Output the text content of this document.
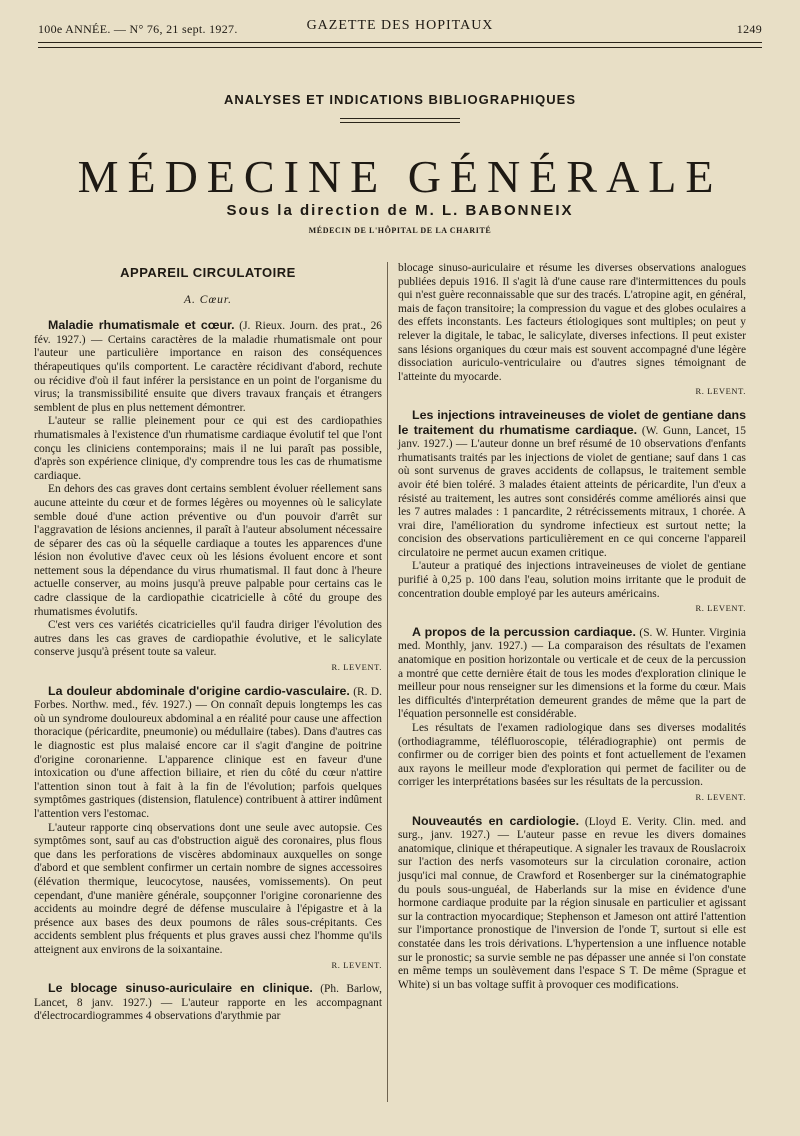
100e ANNÉE. — N° 76, 21 sept. 1927.	GAZETTE DES HOPITAUX	1249
ANALYSES ET INDICATIONS BIBLIOGRAPHIQUES
MÉDECINE GÉNÉRALE
Sous la direction de M. L. BABONNEIX
MÉDECIN DE L'HÔPITAL DE LA CHARITÉ
APPAREIL CIRCULATOIRE
A. Cœur.

Maladie rhumatismale et cœur. (J. Rieux. Journ. des prat., 26 fév. 1927.) — Certains caractères de la maladie rhumatismale ont pour l'auteur une particulière importance en raison des conséquences thérapeutiques qu'ils comportent. Le caractère récidivant d'abord, rechute ou récidive d'où il faut inférer la persistance en un point de l'organisme du virus; la transmissibilité ensuite que divers travaux français et étrangers semblent de plus en plus nettement démontrer.

L'auteur se rallie pleinement pour ce qui est des cardiopathies rhumatismales à l'existence d'un rhumatisme cardiaque évolutif tel que l'ont conçu les cliniciens contemporains; mais il ne lui paraît pas possible, d'après son expérience clinique, d'y comprendre tous les cas de rhumatisme cardiaque.

En dehors des cas graves dont certains semblent évoluer réellement sans aucune atteinte du cœur et de formes légères ou moyennes où le salicylate semble doué d'une action préventive ou d'un pouvoir d'arrêt sur l'aggravation de lésions anciennes, il paraît à l'auteur absolument nécessaire de séparer des cas où la séquelle cardiaque a toutes les apparences d'une lésion non évolutive d'avec ceux où les lésions évoluent encore et sont nettement sous la dépendance du virus rhumatismal. Il faut donc à l'heure actuelle conserver, au moins jusqu'à preuve palpable pour certains cas le cadre classique de la cardiopathie cicatricielle à côté du groupe des rhumatismes évolutifs.

C'est vers ces variétés cicatricielles qu'il faudra diriger l'évolution des autres dans les cas graves de cardiopathie évolutive, et le salicylate conserve jusqu'à présent toute sa valeur.

R. LEVENT.

La douleur abdominale d'origine cardio-vasculaire. (R. D. Forbes. Northw. med., fév. 1927.) — On connaît depuis longtemps les cas où un syndrome douloureux abdominal a en réalité pour cause une affection thoracique (péricardite, pneumonie) ou médullaire (tabes). Dans d'autres cas le diagnostic est plus malaisé encore car il s'agit d'angine de poitrine d'origine coronarienne. L'apparence clinique est en faveur d'une intoxication ou d'une affection biliaire, et rien du côté du cœur n'attire l'attention sinon tout à fait à la fin de l'évolution; parfois quelques symptômes gastriques (distension, flatulence) contribuent à attirer indûment l'attention vers l'estomac.

L'auteur rapporte cinq observations dont une seule avec autopsie. Ces symptômes sont, sauf au cas d'obstruction aiguë des coronaires, plus flous que dans les perforations de viscères abdominaux auxquelles on songe d'abord et que semblent confirmer un certain nombre de signes accessoires (élévation thermique, leucocytose, nausées, vomissements). On peut cependant, d'une manière générale, soupçonner l'origine coronarienne des accidents au moindre degré de défense musculaire à l'épigastre et à la présence aux bases des deux poumons de râles sous-crépitants. Ces accidents semblent plus fréquents et plus graves aussi chez l'homme qu'ils atteignent aux environs de la soixantaine.

R. LEVENT.

Le blocage sinuso-auriculaire en clinique. (Ph. Barlow, Lancet, 8 janv. 1927.) — L'auteur rapporte en les accompagnant d'électrocardiogrammes 4 observations d'arythmie par

blocage sinuso-auriculaire et résume les diverses observations analogues publiées depuis 1916. Il s'agit là d'une cause rare d'intermittences du pouls qui n'est guère reconnaissable que sur des tracés. L'atropine agit, en général, mais de façon transitoire; la compression du vague et des globes oculaires a des effets inconstants. Les facteurs étiologiques sont multiples; on peut y relever la digitale, le tabac, le salicylate, diverses infections. Il peut exister sans lésions organiques du cœur mais est souvent accompagné d'une légère dissociation auriculo-ventriculaire ou d'autres signes témoignant de l'atteinte du myocarde.

R. LEVENT.

Les injections intraveineuses de violet de gentiane dans le traitement du rhumatisme cardiaque. (W. Gunn, Lancet, 15 janv. 1927.) — L'auteur donne un bref résumé de 10 observations d'enfants rhumatisants traités par les injections de violet de gentiane; sauf dans 1 cas où sont survenus de graves accidents de collapsus, le traitement semble avoir été bien toléré. 3 malades étaient atteints de péricardite, l'un d'eux a résisté au traitement, les autres sont considérés comme améliorés ainsi que les 7 autres malades : 1 pancardite, 2 rétrécissements mitraux, 1 chorée. A vrai dire, l'amélioration du syndrome infectieux est surtout nette; la concision des observations particulièrement en ce qui concerne l'appareil circulatoire ne permet aucun examen critique.

L'auteur a pratiqué des injections intraveineuses de violet de gentiane purifié à 0,25 p. 100 dans l'eau, solution moins irritante que le produit de concentration double employé par les auteurs américains.

R. LEVENT.

A propos de la percussion cardiaque. (S. W. Hunter. Virginia med. Monthly, janv. 1927.) — La comparaison des résultats de l'examen anatomique en position horizontale ou verticale et de ceux de la percussion a montré que cette dernière était de tous les modes d'exploration clinique le meilleur pour nous renseigner sur les dimensions et la forme du cœur. Mais les difficultés d'interprétation demeurent grandes de même que la part de l'équation personnelle est considérable.

Les résultats de l'examen radiologique dans ses diverses modalités (orthodiagramme, téléfluoroscopie, téléradiographie) ont permis de confirmer ou de corriger bien des points et font actuellement de l'examen aux rayons le meilleur mode d'exploration qui permet de faciliter ou de corriger les interprétations basées sur les résultats de la percussion.

R. LEVENT.

Nouveautés en cardiologie. (Lloyd E. Verity. Clin. med. and surg., janv. 1927.) — L'auteur passe en revue les divers domaines anatomique, clinique et thérapeutique. A signaler les travaux de Rouslacroix sur l'action des nerfs vasomoteurs sur la circulation coronaire, action jusqu'ici mal connue, de Crawford et Rosenberger sur la cinématographie du pouls sous-unguéal, de Haberlands sur la mise en évidence d'une hormone cardiaque produite par la région sinusale en particulier et agissant sur la contraction myocardique; Stephenson et Jameson ont attiré l'attention sur l'importance pronostique de l'inversion de l'onde T, surtout si elle est constatée dans les trois dérivations. L'hypertension a une influence notable sur le pronostic; sa survie semble ne pas dépasser une année si l'on constate en même temps un soulèvement dans l'espace S T. De même (Sprague et White) si un bas voltage suffit à provoquer ces modifications.
